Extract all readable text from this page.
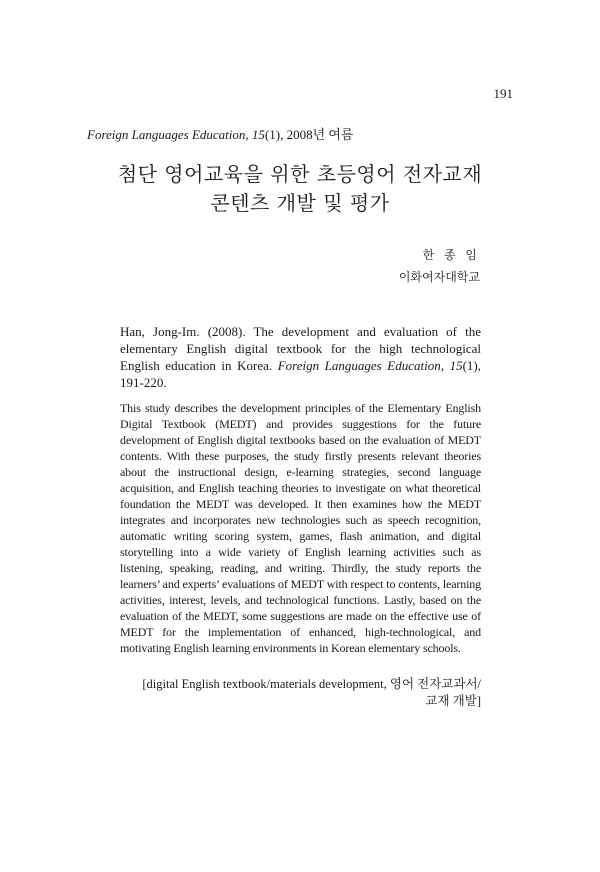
191
Foreign Languages Education, 15(1), 2008년 여름
첨단 영어교육을 위한 초등영어 전자교재
콘텐츠 개발 및 평가
한 종 임
이화여자대학교
Han, Jong-Im. (2008). The development and evaluation of the elementary English digital textbook for the high technological English education in Korea. Foreign Languages Education, 15(1), 191-220.
This study describes the development principles of the Elementary English Digital Textbook (MEDT) and provides suggestions for the future development of English digital textbooks based on the evaluation of MEDT contents. With these purposes, the study firstly presents relevant theories about the instructional design, e-learning strategies, second language acquisition, and English teaching theories to investigate on what theoretical foundation the MEDT was developed. It then examines how the MEDT integrates and incorporates new technologies such as speech recognition, automatic writing scoring system, games, flash animation, and digital storytelling into a wide variety of English learning activities such as listening, speaking, reading, and writing. Thirdly, the study reports the learners’ and experts’ evaluations of MEDT with respect to contents, learning activities, interest, levels, and technological functions. Lastly, based on the evaluation of the MEDT, some suggestions are made on the effective use of MEDT for the implementation of enhanced, high-technological, and motivating English learning environments in Korean elementary schools.
[digital English textbook/materials development, 영어 전자교과서/
교재 개발]
